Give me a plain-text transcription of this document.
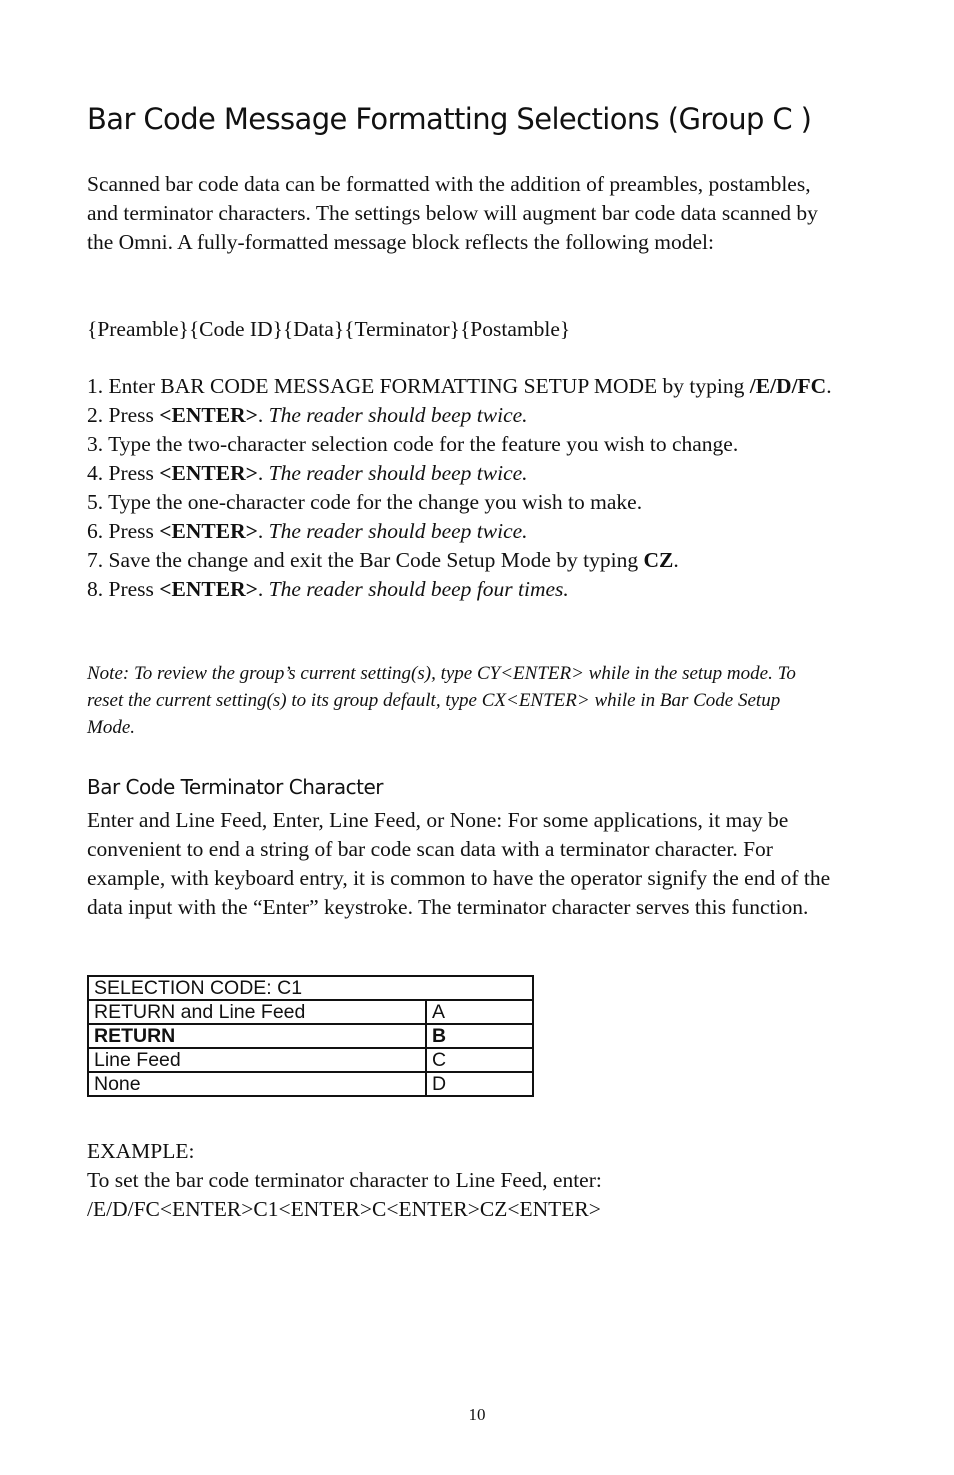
Bar Code Message Formatting Selections (Group C )

Scanned bar code data can be formatted with the addition of preambles, postambles, and terminator characters. The settings below will augment bar code data scanned by the Omni. A fully-formatted message block reflects the following model:

{Preamble}{Code ID}{Data}{Terminator}{Postamble}

1. Enter BAR CODE MESSAGE FORMATTING SETUP MODE by typing /E/D/FC.
2. Press <ENTER>. The reader should beep twice.
3. Type the two-character selection code for the feature you wish to change.
4. Press <ENTER>. The reader should beep twice.
5. Type the one-character code for the change you wish to make.
6. Press <ENTER>. The reader should beep twice.
7. Save the change and exit the Bar Code Setup Mode by typing CZ.
8. Press <ENTER>. The reader should beep four times.

Note: To review the group’s current setting(s), type CY<ENTER> while in the setup mode. To reset the current setting(s) to its group default, type CX<ENTER> while in Bar Code Setup Mode.

Bar Code Terminator Character

Enter and Line Feed, Enter, Line Feed, or None: For some applications, it may be convenient to end a string of bar code scan data with a terminator character. For example, with keyboard entry, it is common to have the operator signify the end of the data input with the “Enter” keystroke. The terminator character serves this function.

SELECTION CODE: C1	
RETURN and Line Feed	A
RETURN	B
Line Feed	C
None	D
EXAMPLE:
To set the bar code terminator character to Line Feed, enter:
/E/D/FC<ENTER>C1<ENTER>C<ENTER>CZ<ENTER>
10
